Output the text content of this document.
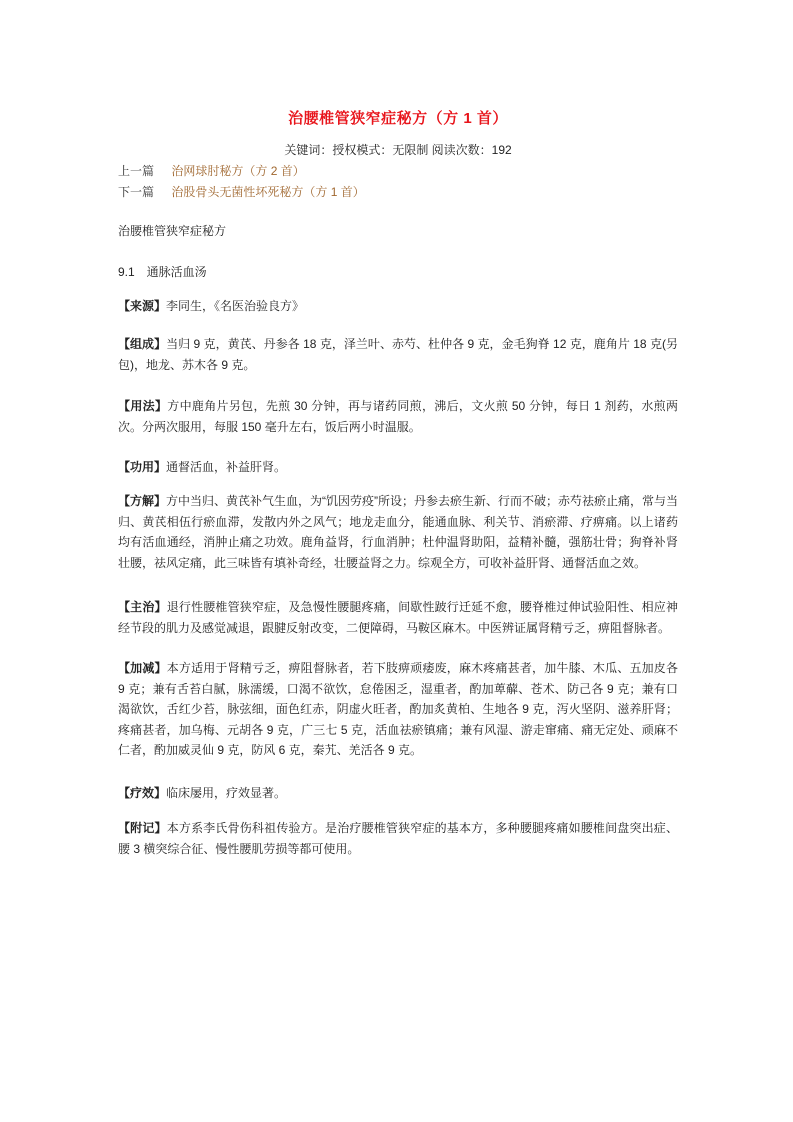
治腰椎管狭窄症秘方（方 1 首）
关键词：授权模式：无限制 阅读次数：192
上一篇 治网球肘秘方（方 2 首）
下一篇 治股骨头无菌性坏死秘方（方 1 首）
治腰椎管狭窄症秘方
9.1　通脉活血汤
【来源】李同生，《名医治验良方》
【组成】当归 9 克，黄芪、丹参各 18 克，泽兰叶、赤芍、杜仲各 9 克，金毛狗脊 12 克，鹿角片 18 克(另包)，地龙、苏木各 9 克。
【用法】方中鹿角片另包，先煎 30 分钟，再与诸药同煎，沸后，文火煎 50 分钟，每日 1 剂药，水煎两次。分两次服用，每服 150 毫升左右，饭后两小时温服。
【功用】通督活血，补益肝肾。
【方解】方中当归、黄芪补气生血，为“饥因劳疫”所设；丹参去瘀生新、行而不破；赤芍祛瘀止痛，常与当归、黄芪相伍行瘀血滞，发散内外之风气；地龙走血分，能通血脉、利关节、消瘀滞、疗痹痛。以上诸药均有活血通经，消肿止痛之功效。鹿角益肾，行血消肿；杜仲温肾助阳，益精补髓，强筋壮骨；狗脊补肾壮腰，祛风定痛，此三味皆有填补奇经，壮腰益肾之力。综观全方，可收补益肝肾、通督活血之效。
【主治】退行性腰椎管狭窄症，及急慢性腰腿疼痛，间歇性跛行迁延不愈，腰脊椎过伸试验阳性、相应神经节段的肌力及感觉减退，跟腱反射改变，二便障碍，马鞍区麻木。中医辨证属肾精亏乏，痹阻督脉者。
【加减】本方适用于肾精亏乏，痹阻督脉者，若下肢痹顽痿废，麻木疼痛甚者，加牛膝、木瓜、五加皮各 9 克；兼有舌苔白腻，脉濡缓，口渴不欲饮，怠倦困乏，湿重者，酌加萆薢、苍术、防己各 9 克；兼有口渴欲饮，舌红少苔，脉弦细，面色红赤，阴虚火旺者，酌加炙黄柏、生地各 9 克，泻火坚阴、滋养肝肾；疼痛甚者，加乌梅、元胡各 9 克，广三七 5 克，活血祛瘀镇痛；兼有风湿、游走窜痛、痛无定处、顽麻不仁者，酌加威灵仙 9 克，防风 6 克，秦艽、羌活各 9 克。
【疗效】临床屡用，疗效显著。
【附记】本方系李氏骨伤科祖传验方。是治疗腰椎管狭窄症的基本方，多种腰腿疼痛如腰椎间盘突出症、腰 3 横突综合征、慢性腰肌劳损等都可使用。
